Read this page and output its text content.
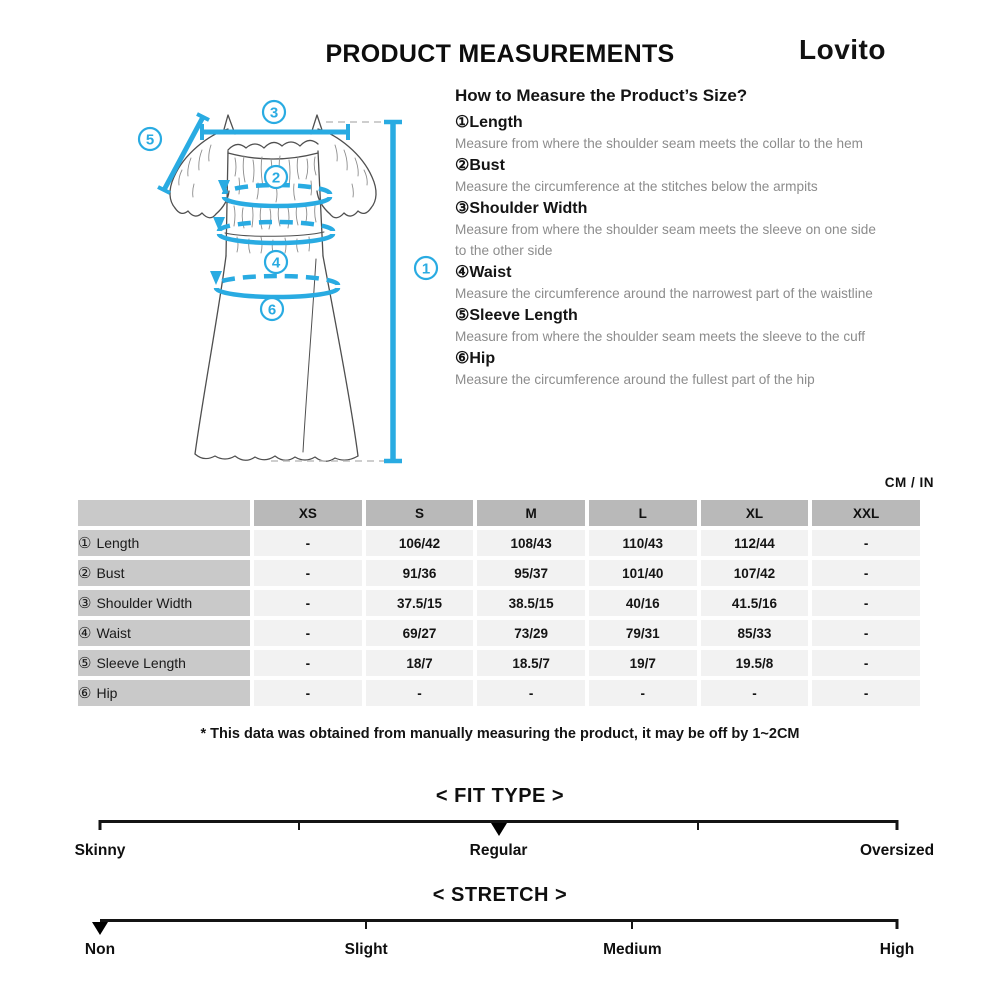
PRODUCT MEASUREMENTS	Lovito
How to Measure the Product’s Size?
1
2
3
4
5
6
①Length
Measure from where the shoulder seam meets the collar to the hem
②Bust
Measure the circumference at the stitches below the armpits
③Shoulder Width
Measure from where the shoulder seam meets the sleeve on one side to the other side
④Waist
Measure the circumference around the narrowest part of the waistline
⑤Sleeve Length
Measure from where the shoulder seam meets the sleeve to the cuff
⑥Hip
Measure the circumference around the fullest part of the hip
CM / IN
	XS	S	M	L	XL	XXL
① Length	-	106/42	108/43	110/43	112/44	-
② Bust	-	91/36	95/37	101/40	107/42	-
③ Shoulder Width	-	37.5/15	38.5/15	40/16	41.5/16	-
④ Waist	-	69/27	73/29	79/31	85/33	-
⑤ Sleeve Length	-	18/7	18.5/7	19/7	19.5/8	-
⑥ Hip	-	-	-	-	-	-
* This data was obtained from manually measuring the product, it may be off by 1~2CM
< FIT TYPE >
Skinny	Regular	Oversized
< STRETCH >
Non	Slight	Medium	High
